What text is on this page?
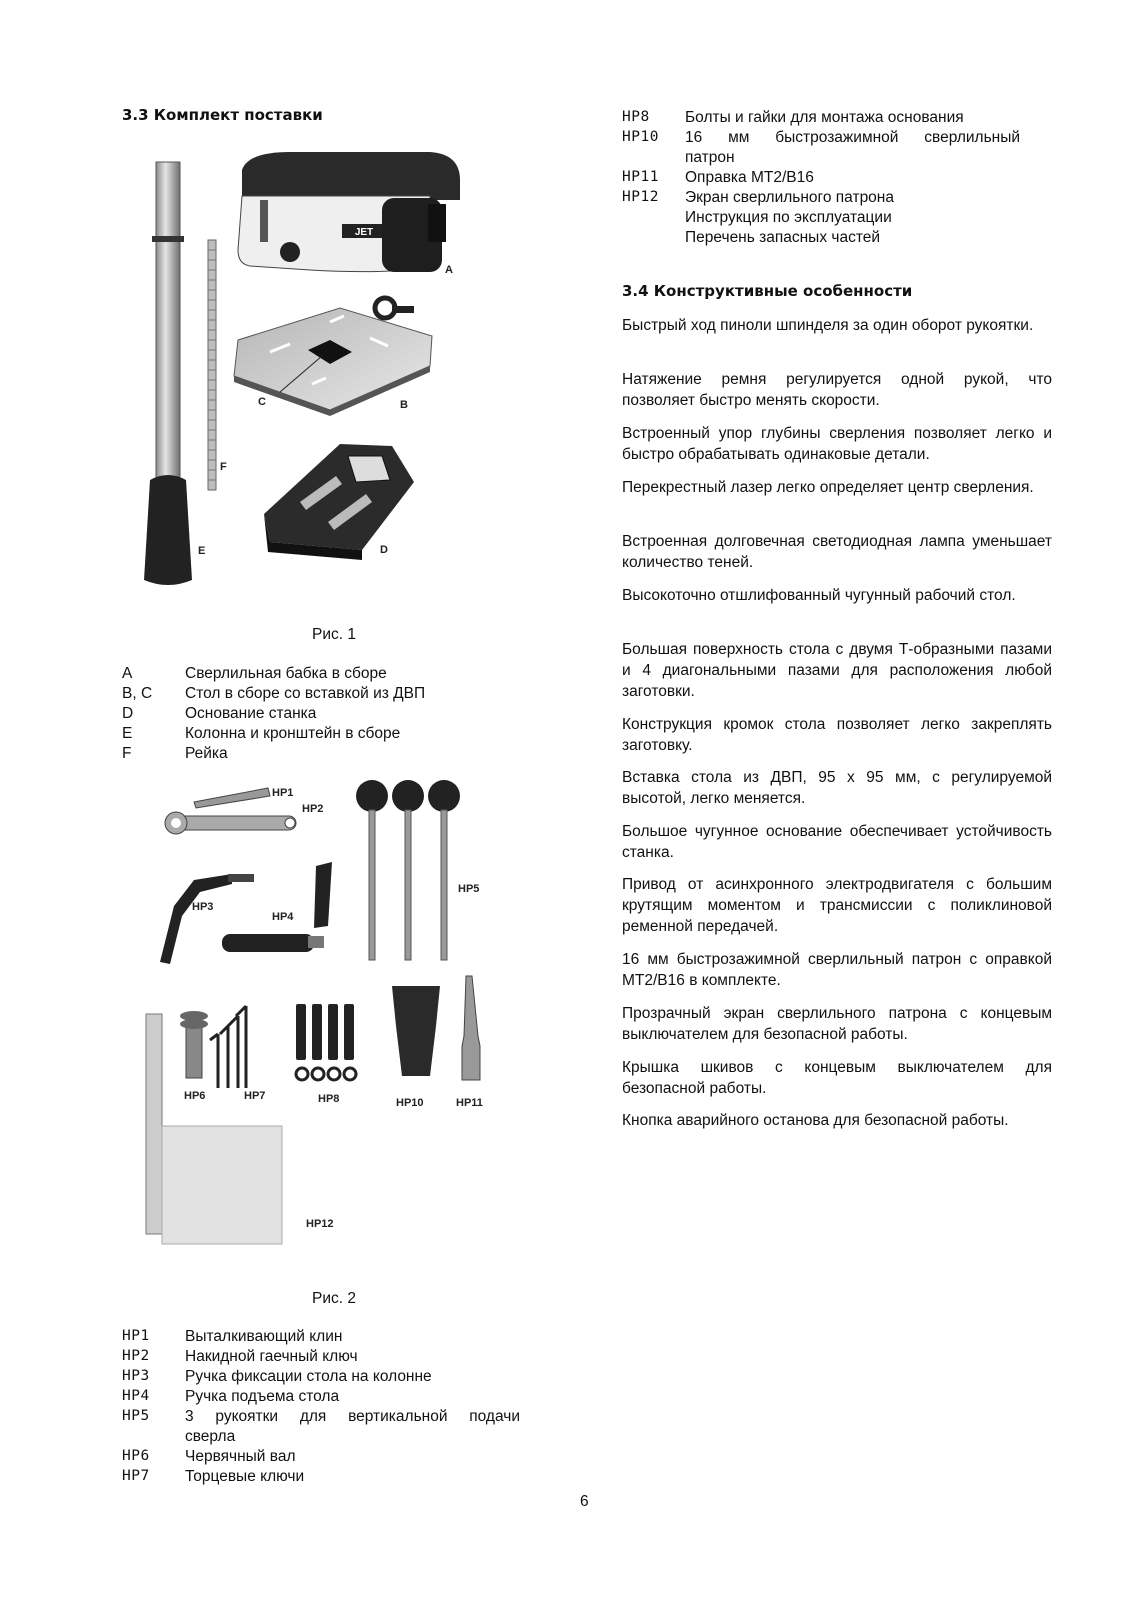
3.3 Комплект поставки
JET
A
C	B
F
D
E
Рис. 1
A	Сверлильная бабка в сборе
B, C Стол в сборе со вставкой из ДВП
D	Основание станка
E	Колонна и кронштейн в сборе
F	Рейка
HP1
HP2
HP3
HP4
HP5
HP12
HP6	HP7	HP8	HP10	HP11
Рис. 2
HP1 Выталкивающий клин
HP2 Накидной гаечный ключ
HP3 Ручка фиксации стола на колонне
HP4 Ручка подъема стола
HP5 3 рукоятки для вертикальной подачи
сверла
HP6 Червячный вал
HP7 Торцевые ключи
HP8 Болты и гайки для монтажа основания
HP10 16 мм быстрозажимной сверлильный
патрон
HP11 Оправка МТ2/B16
HP12 Экран сверлильного патрона
Инструкция по эксплуатации
Перечень запасных частей
3.4 Конструктивные особенности

Быстрый ход пиноли шпинделя за один оборот рукоятки.

Натяжение ремня регулируется одной рукой, что позволяет быстро менять скорости.

Встроенный упор глубины сверления позволяет легко и быстро обрабатывать одинаковые детали.

Перекрестный лазер легко определяет центр сверления.

Встроенная долговечная светодиодная лампа уменьшает количество теней.

Высокоточно отшлифованный чугунный рабочий стол.

Большая поверхность стола с двумя Т-образными пазами и 4 диагональными пазами для расположения любой заготовки.

Конструкция кромок стола позволяет легко закреплять заготовку.

Вставка стола из ДВП, 95 х 95 мм, с регулируемой высотой, легко меняется.

Большое чугунное основание обеспечивает устойчивость станка.

Привод от асинхронного электродвигателя с большим крутящим моментом и трансмиссии с поликлиновой ременной передачей.

16 мм быстрозажимной сверлильный патрон с оправкой МТ2/B16 в комплекте.

Прозрачный экран сверлильного патрона с концевым выключателем для безопасной работы.

Крышка шкивов с концевым выключателем для безопасной работы.

Кнопка аварийного останова для безопасной работы.

6
